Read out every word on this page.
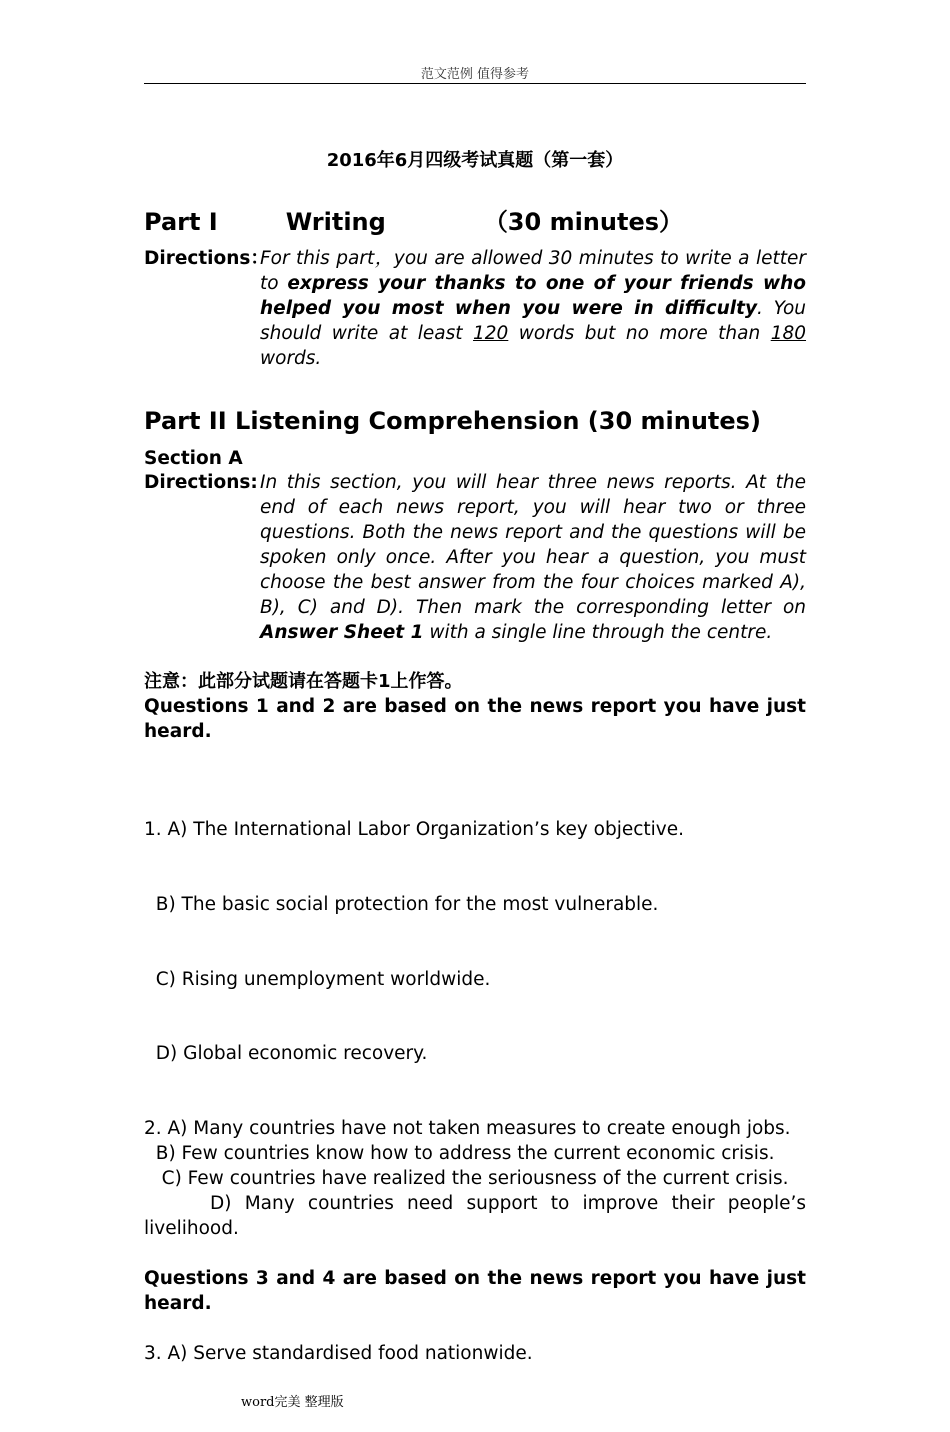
范文范例 值得参考
2016年6月四级考试真题（第一套）
Part Ⅰ	Writing	（30 minutes）
Directions：
For this part，you are allowed 30 minutes to write a letter to express your thanks to one of your friends who helped you most when you were in difficulty. You should write at least 120 words but no more than 180 words.
Part II Listening Comprehension (30 minutes)
Section A
Directions: In this section, you will hear three news reports. At the end of each news report, you will hear two or three questions. Both the news report and the questions will be spoken only once. After you hear a question, you must choose the best answer from the four choices marked A), B), C) and D). Then mark the corresponding letter on Answer Sheet 1 with a single line through the centre.
注意：此部分试题请在答题卡1上作答。
Questions 1 and 2 are based on the news report you have just heard.

1. A) The International Labor Organization’s key objective.

B) The basic social protection for the most vulnerable.

C) Rising unemployment worldwide.

D) Global economic recovery.

2. A) Many countries have not taken measures to create enough jobs.
B) Few countries know how to address the current economic crisis.
C) Few countries have realized the seriousness of the current crisis.
D) Many countries need support to improve their people’s livelihood.
Questions 3 and 4 are based on the news report you have just heard.
3. A) Serve standardised food nationwide.
word完美 整理版
